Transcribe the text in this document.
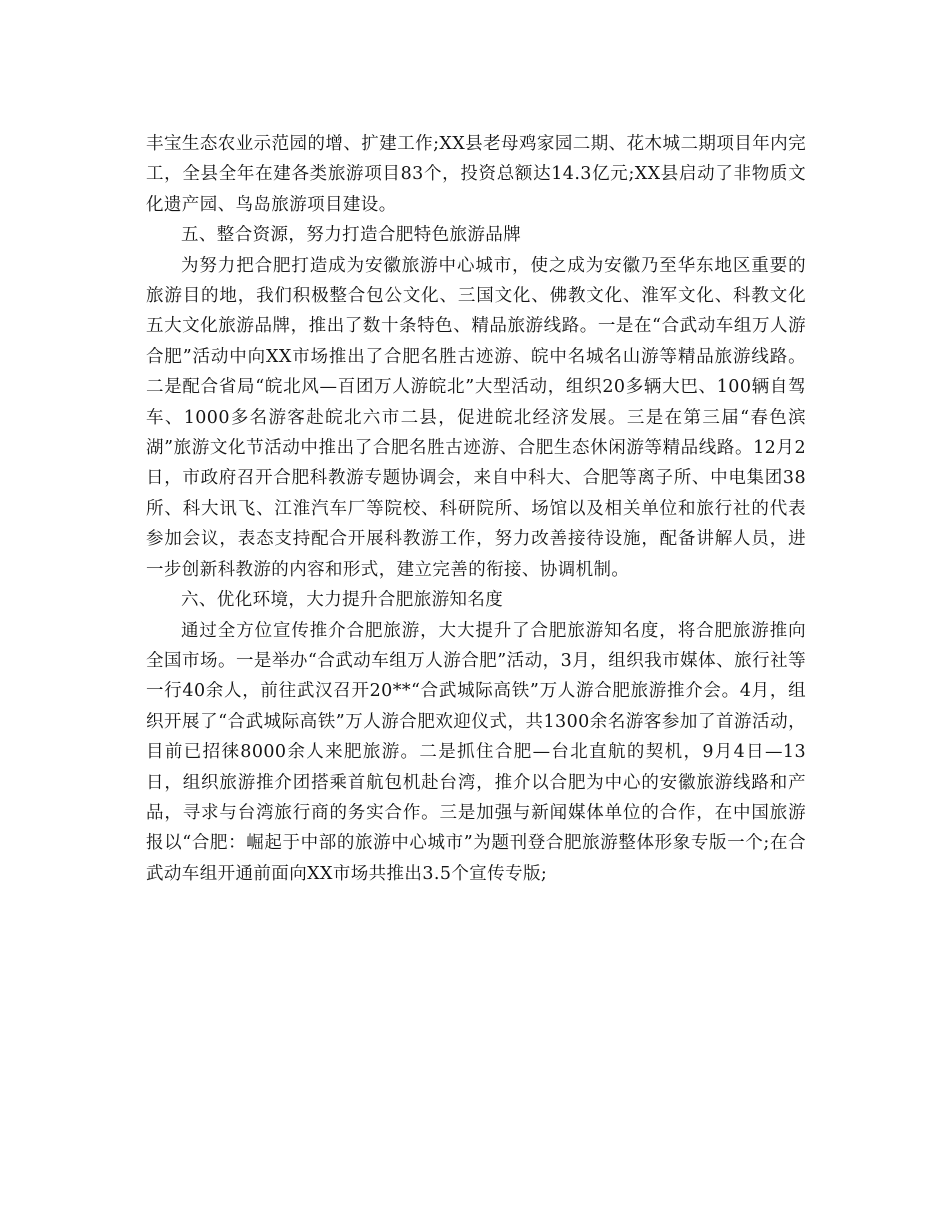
丰宝生态农业示范园的增、扩建工作;XX县老母鸡家园二期、花木城二期项目年内完工，全县全年在建各类旅游项目83个，投资总额达14.3亿元;XX县启动了非物质文化遗产园、鸟岛旅游项目建设。

五、整合资源，努力打造合肥特色旅游品牌

为努力把合肥打造成为安徽旅游中心城市，使之成为安徽乃至华东地区重要的旅游目的地，我们积极整合包公文化、三国文化、佛教文化、淮军文化、科教文化五大文化旅游品牌，推出了数十条特色、精品旅游线路。一是在“合武动车组万人游合肥”活动中向XX市场推出了合肥名胜古迹游、皖中名城名山游等精品旅游线路。二是配合省局“皖北风—百团万人游皖北”大型活动，组织20多辆大巴、100辆自驾车、1000多名游客赴皖北六市二县，促进皖北经济发展。三是在第三届“春色滨湖”旅游文化节活动中推出了合肥名胜古迹游、合肥生态休闲游等精品线路。12月2日，市政府召开合肥科教游专题协调会，来自中科大、合肥等离子所、中电集团38所、科大讯飞、江淮汽车厂等院校、科研院所、场馆以及相关单位和旅行社的代表参加会议，表态支持配合开展科教游工作，努力改善接待设施，配备讲解人员，进一步创新科教游的内容和形式，建立完善的衔接、协调机制。

六、优化环境，大力提升合肥旅游知名度

通过全方位宣传推介合肥旅游，大大提升了合肥旅游知名度，将合肥旅游推向全国市场。一是举办“合武动车组万人游合肥”活动，3月，组织我市媒体、旅行社等一行40余人，前往武汉召开20**“合武城际高铁”万人游合肥旅游推介会。4月，组织开展了“合武城际高铁”万人游合肥欢迎仪式，共1300余名游客参加了首游活动，目前已招徕8000余人来肥旅游。二是抓住合肥—台北直航的契机，9月4日—13日，组织旅游推介团搭乘首航包机赴台湾，推介以合肥为中心的安徽旅游线路和产品，寻求与台湾旅行商的务实合作。三是加强与新闻媒体单位的合作，在中国旅游报以“合肥：崛起于中部的旅游中心城市”为题刊登合肥旅游整体形象专版一个;在合武动车组开通前面向XX市场共推出3.5个宣传专版;
